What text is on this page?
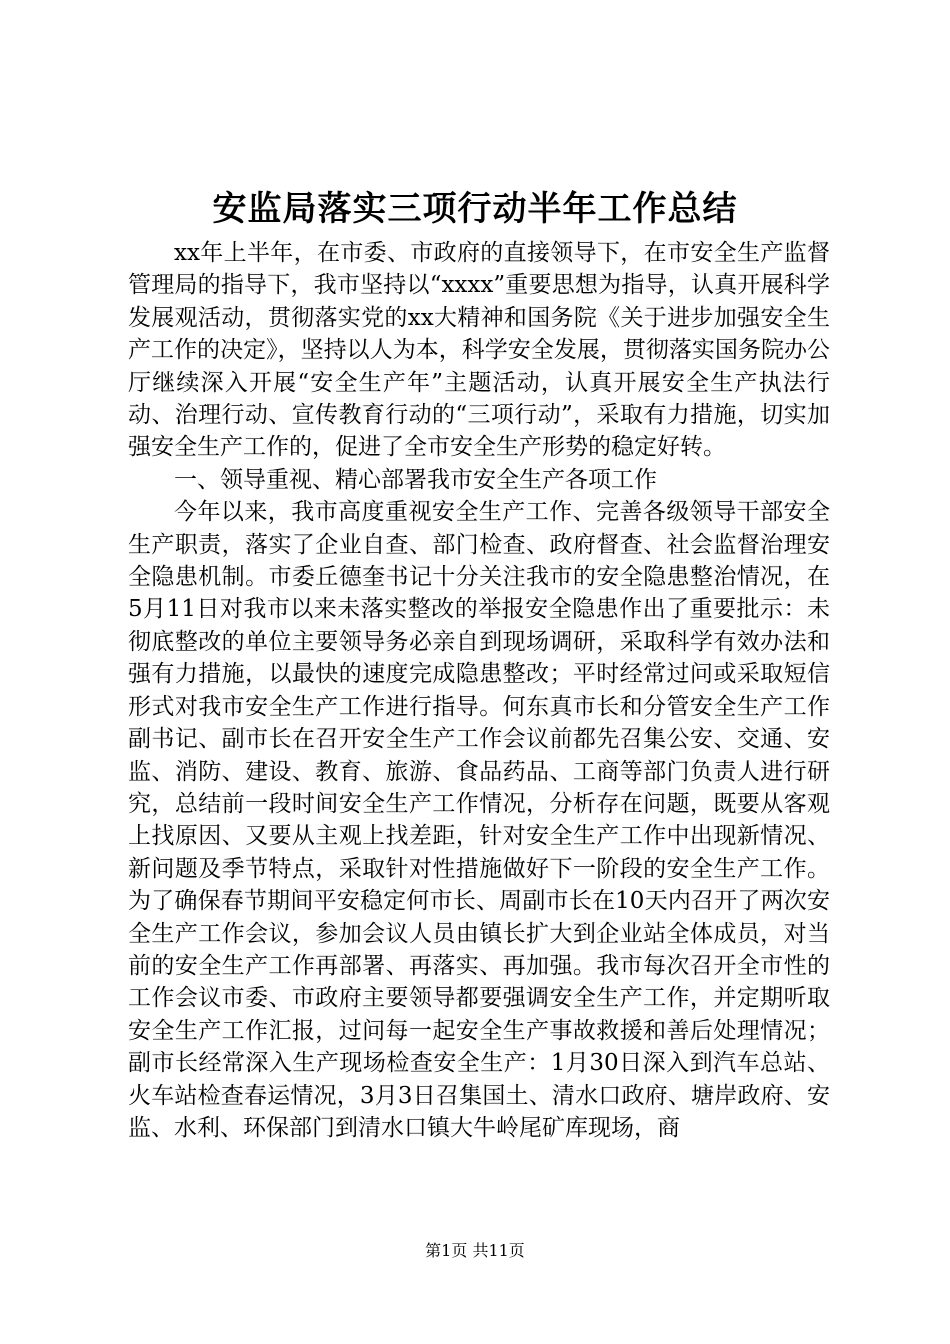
安监局落实三项行动半年工作总结

xx年上半年，在市委、市政府的直接领导下，在市安全生产监督管理局的指导下，我市坚持以“xxxx”重要思想为指导，认真开展科学发展观活动，贯彻落实党的xx大精神和国务院《关于进步加强安全生产工作的决定》，坚持以人为本，科学安全发展，贯彻落实国务院办公厅继续深入开展“安全生产年”主题活动，认真开展安全生产执法行动、治理行动、宣传教育行动的“三项行动”，采取有力措施，切实加强安全生产工作的，促进了全市安全生产形势的稳定好转。

一、领导重视、精心部署我市安全生产各项工作

今年以来，我市高度重视安全生产工作、完善各级领导干部安全生产职责，落实了企业自查、部门检查、政府督查、社会监督治理安全隐患机制。市委丘德奎书记十分关注我市的安全隐患整治情况，在5月11日对我市以来未落实整改的举报安全隐患作出了重要批示：未彻底整改的单位主要领导务必亲自到现场调研，采取科学有效办法和强有力措施，以最快的速度完成隐患整改；平时经常过问或采取短信形式对我市安全生产工作进行指导。何东真市长和分管安全生产工作副书记、副市长在召开安全生产工作会议前都先召集公安、交通、安监、消防、建设、教育、旅游、食品药品、工商等部门负责人进行研究，总结前一段时间安全生产工作情况，分析存在问题，既要从客观上找原因、又要从主观上找差距，针对安全生产工作中出现新情况、新问题及季节特点，采取针对性措施做好下一阶段的安全生产工作。为了确保春节期间平安稳定何市长、周副市长在10天内召开了两次安全生产工作会议，参加会议人员由镇长扩大到企业站全体成员，对当前的安全生产工作再部署、再落实、再加强。我市每次召开全市性的工作会议市委、市政府主要领导都要强调安全生产工作，并定期听取安全生产工作汇报，过问每一起安全生产事故救援和善后处理情况；副市长经常深入生产现场检查安全生产：1月30日深入到汽车总站、火车站检查春运情况，3月3日召集国土、清水口政府、塘岸政府、安监、水利、环保部门到清水口镇大牛岭尾矿库现场，商

第1页 共11页
